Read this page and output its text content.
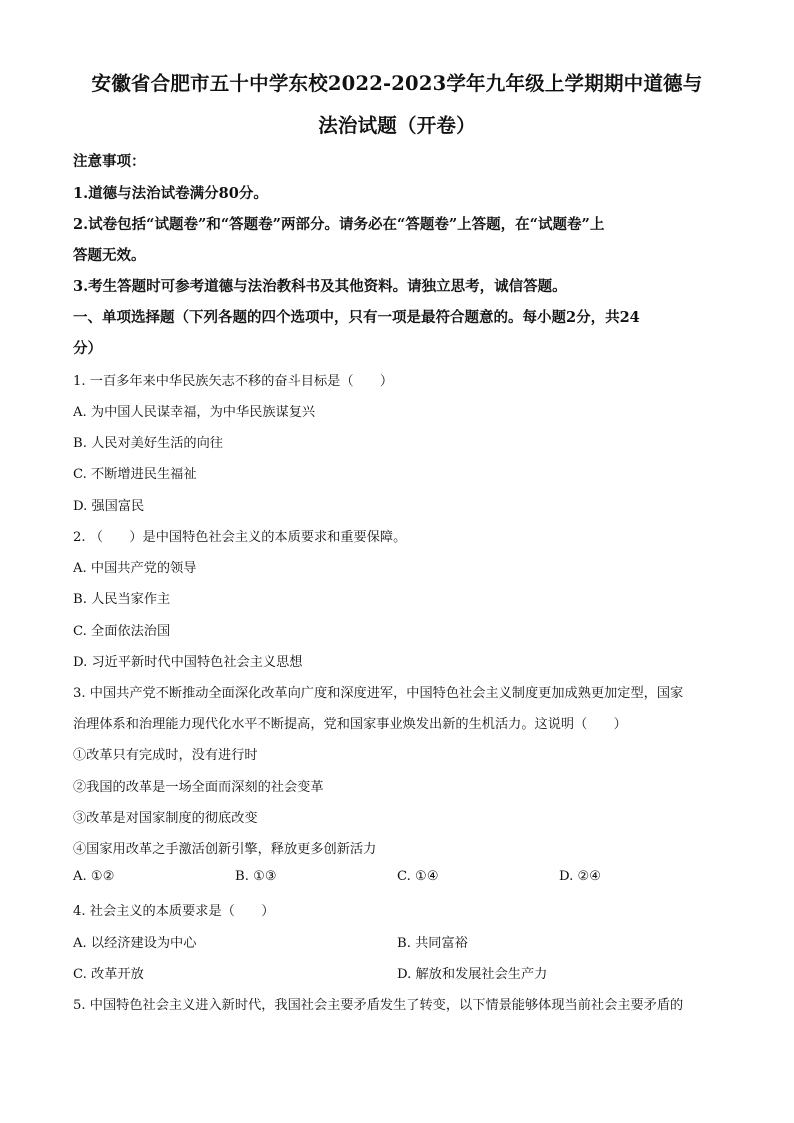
安徽省合肥市五十中学东校2022-2023学年九年级上学期期中道德与
法治试题（开卷）
注意事项：
1.道德与法治试卷满分80分。
2.试卷包括“试题卷”和“答题卷”两部分。请务必在“答题卷”上答题，在“试题卷”上
答题无效。
3.考生答题时可参考道德与法治教科书及其他资料。请独立思考，诚信答题。
一、单项选择题（下列各题的四个选项中，只有一项是最符合题意的。每小题2分，共24
分）
1. 一百多年来中华民族矢志不移的奋斗目标是（　　）
A. 为中国人民谋幸福，为中华民族谋复兴
B. 人民对美好生活的向往
C. 不断增进民生福祉
D. 强国富民
2. （　　）是中国特色社会主义的本质要求和重要保障。
A. 中国共产党的领导
B. 人民当家作主
C. 全面依法治国
D. 习近平新时代中国特色社会主义思想
3. 中国共产党不断推动全面深化改革向广度和深度进军，中国特色社会主义制度更加成熟更加定型，国家
治理体系和治理能力现代化水平不断提高，党和国家事业焕发出新的生机活力。这说明（　　）
①改革只有完成时，没有进行时
②我国的改革是一场全面而深刻的社会变革
③改革是对国家制度的彻底改变
④国家用改革之手激活创新引擎，释放更多创新活力
A. ①②	B. ①③	C. ①④	D. ②④
4. 社会主义的本质要求是（　　）
A. 以经济建设为中心	B. 共同富裕
C. 改革开放	D. 解放和发展社会生产力
5. 中国特色社会主义进入新时代，我国社会主要矛盾发生了转变，以下情景能够体现当前社会主要矛盾的
